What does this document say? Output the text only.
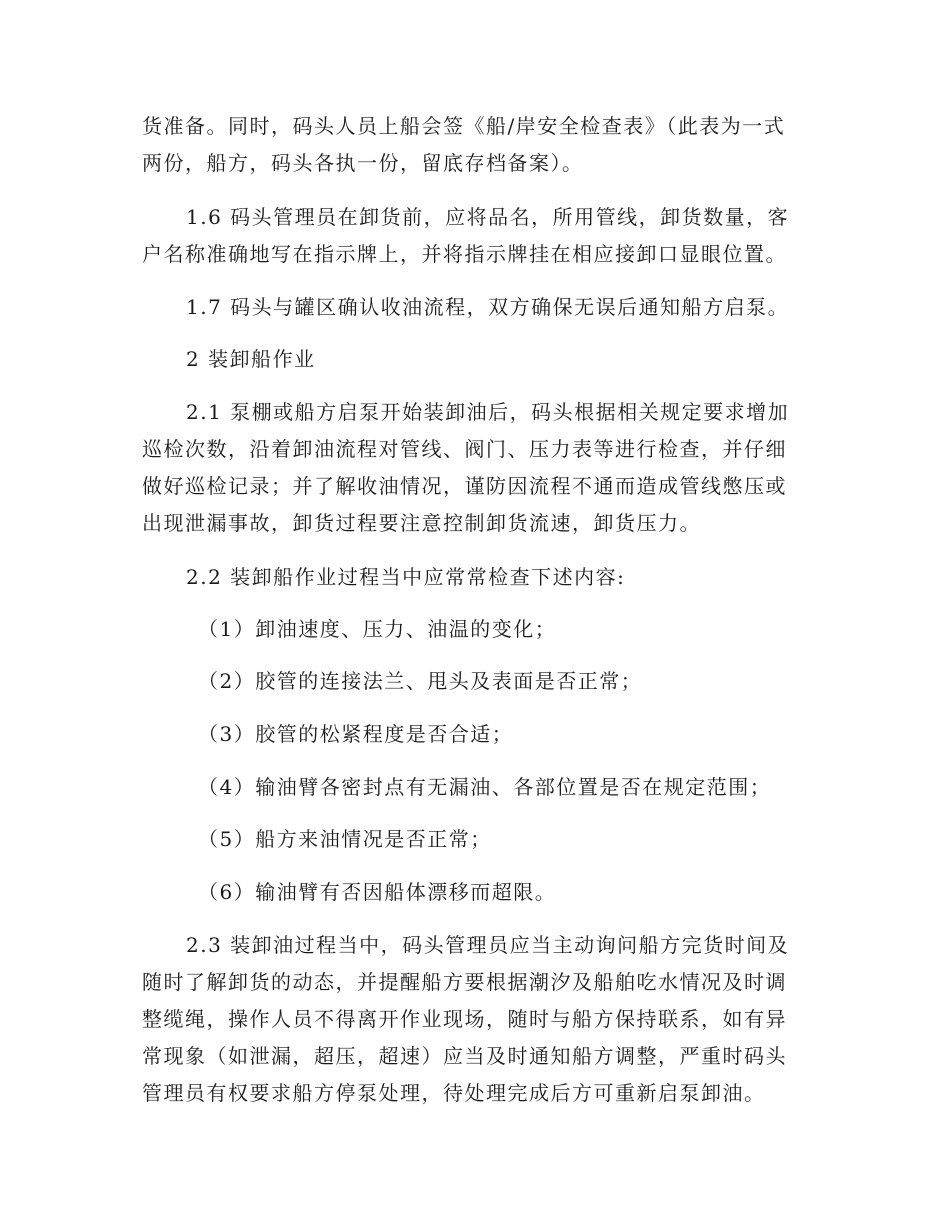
货准备。同时，码头人员上船会签《船/岸安全检查表》（此表为一式
两份，船方，码头各执一份，留底存档备案）。
1.6 码头管理员在卸货前，应将品名，所用管线，卸货数量，客
户名称准确地写在指示牌上，并将指示牌挂在相应接卸口显眼位置。
1.7 码头与罐区确认收油流程，双方确保无误后通知船方启泵。
2 装卸船作业
2.1 泵棚或船方启泵开始装卸油后，码头根据相关规定要求增加
巡检次数，沿着卸油流程对管线、阀门、压力表等进行检查，并仔细
做好巡检记录；并了解收油情况，谨防因流程不通而造成管线憋压或
出现泄漏事故，卸货过程要注意控制卸货流速，卸货压力。
2.2 装卸船作业过程当中应常常检查下述内容:
（1）卸油速度、压力、油温的变化；
（2）胶管的连接法兰、甩头及表面是否正常；
（3）胶管的松紧程度是否合适；
（4）输油臂各密封点有无漏油、各部位置是否在规定范围；
（5）船方来油情况是否正常；
（6）输油臂有否因船体漂移而超限。
2.3 装卸油过程当中，码头管理员应当主动询问船方完货时间及
随时了解卸货的动态，并提醒船方要根据潮汐及船舶吃水情况及时调
整缆绳，操作人员不得离开作业现场，随时与船方保持联系，如有异
常现象（如泄漏，超压，超速）应当及时通知船方调整，严重时码头
管理员有权要求船方停泵处理，待处理完成后方可重新启泵卸油。
